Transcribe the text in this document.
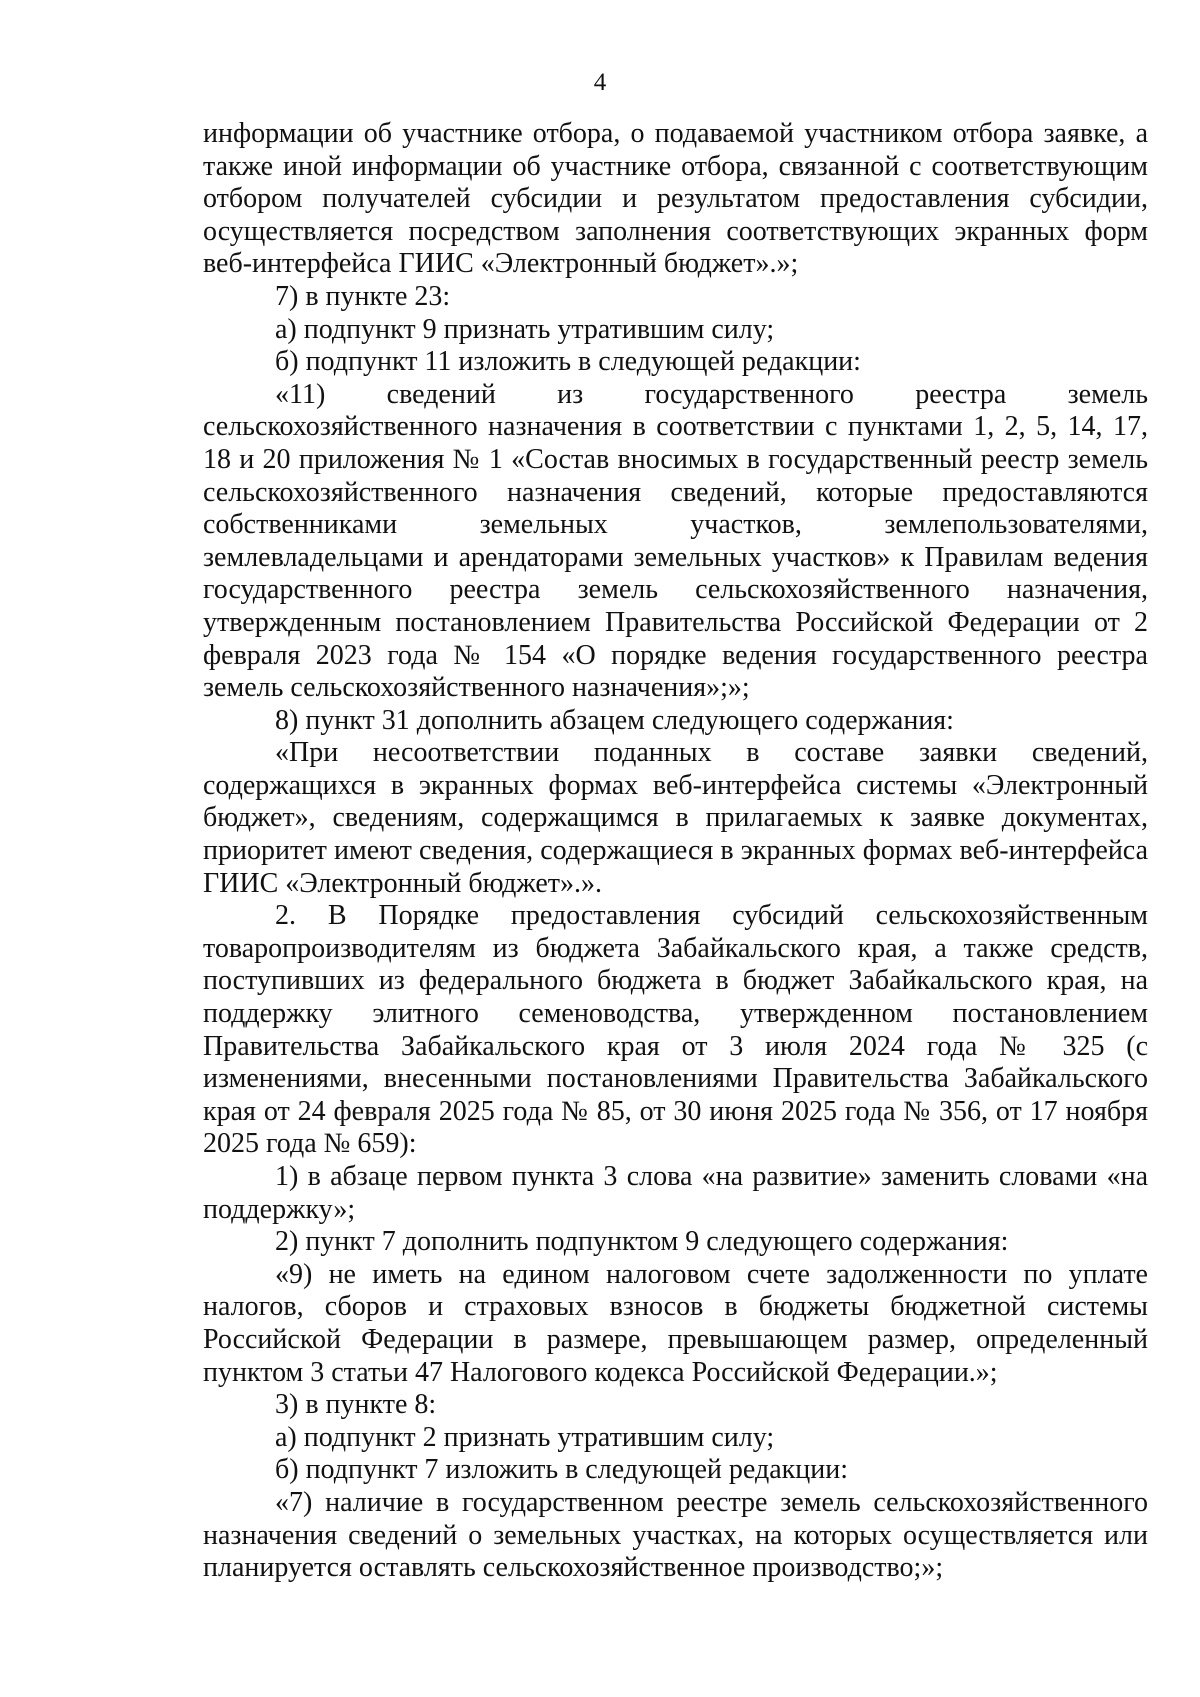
4

информации об участнике отбора, о подаваемой участником отбора заявке, а также иной информации об участнике отбора, связанной с соответствующим отбором получателей субсидии и результатом предоставления субсидии, осуществляется посредством заполнения соответствующих экранных форм веб-интерфейса ГИИС «Электронный бюджет».»;

7) в пункте 23:

а) подпункт 9 признать утратившим силу;

б) подпункт 11 изложить в следующей редакции:

«11) сведений из государственного реестра земель сельскохозяйственного назначения в соответствии с пунктами 1, 2, 5, 14, 17, 18 и 20 приложения № 1 «Состав вносимых в государственный реестр земель сельскохозяйственного назначения сведений, которые предоставляются собственниками земельных участков, землепользователями, землевладельцами и арендаторами земельных участков» к Правилам ведения государственного реестра земель сельскохозяйственного назначения, утвержденным постановлением Правительства Российской Федерации от 2 февраля 2023 года № 154 «О порядке ведения государственного реестра земель сельскохозяйственного назначения»;»;

8) пункт 31 дополнить абзацем следующего содержания:

«При несоответствии поданных в составе заявки сведений, содержащихся в экранных формах веб-интерфейса системы «Электронный бюджет», сведениям, содержащимся в прилагаемых к заявке документах, приоритет имеют сведения, содержащиеся в экранных формах веб-интерфейса ГИИС «Электронный бюджет».».

2. В Порядке предоставления субсидий сельскохозяйственным товаропроизводителям из бюджета Забайкальского края, а также средств, поступивших из федерального бюджета в бюджет Забайкальского края, на поддержку элитного семеноводства, утвержденном постановлением Правительства Забайкальского края от 3 июля 2024 года № 325 (с изменениями, внесенными постановлениями Правительства Забайкальского края от 24 февраля 2025 года № 85, от 30 июня 2025 года № 356, от 17 ноября 2025 года № 659):

1) в абзаце первом пункта 3 слова «на развитие» заменить словами «на поддержку»;

2) пункт 7 дополнить подпунктом 9 следующего содержания:

«9) не иметь на едином налоговом счете задолженности по уплате налогов, сборов и страховых взносов в бюджеты бюджетной системы Российской Федерации в размере, превышающем размер, определенный пунктом 3 статьи 47 Налогового кодекса Российской Федерации.»;

3) в пункте 8:

а) подпункт 2 признать утратившим силу;

б) подпункт 7 изложить в следующей редакции:

«7) наличие в государственном реестре земель сельскохозяйственного назначения сведений о земельных участках, на которых осуществляется или планируется оставлять сельскохозяйственное производство;»;
